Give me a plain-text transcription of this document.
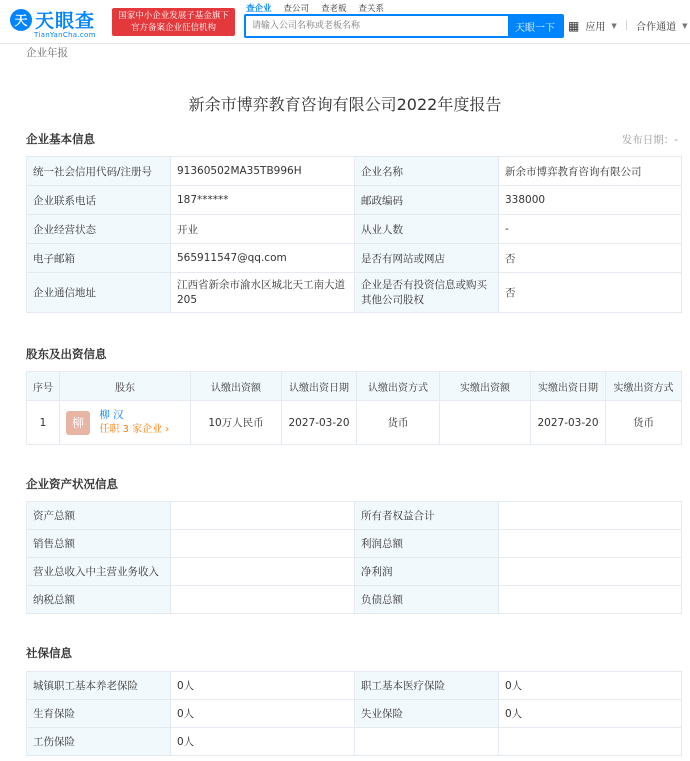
天 天眼查
TianYanCha.com
国家中小企业发展子基金旗下
官方备案企业征信机构
查企业 查公司 查老板 查关系
请输入公司名称或老板名称
天眼一下	▦ 应用 ▼ | 合作通道 ▼
企业年报
新余市博弈教育咨询有限公司2022年度报告
企业基本信息	发布日期：-
统一社会信用代码/注册号	91360502MA35TB996H	企业名称	新余市博弈教育咨询有限公司
企业联系电话	187******	邮政编码	338000
企业经营状态	开业	从业人数	-
电子邮箱	565911547@qq.com	是否有网站或网店	否
企业通信地址	江西省新余市渝水区城北天工南大道205	企业是否有投资信息或购买其他公司股权	否
股东及出资信息
序号	股东	认缴出资额	认缴出资日期	认缴出资方式	实缴出资额	实缴出资日期	实缴出资方式
1	柳 柳 汉
任职 3 家企业 ›	10万人民币	2027-03-20	货币		2027-03-20	货币
企业资产状况信息
资产总额		所有者权益合计	
销售总额		利润总额	
营业总收入中主营业务收入		净利润	
纳税总额		负债总额	
社保信息
城镇职工基本养老保险	0人	职工基本医疗保险	0人
生育保险	0人	失业保险	0人
工伤保险	0人		
